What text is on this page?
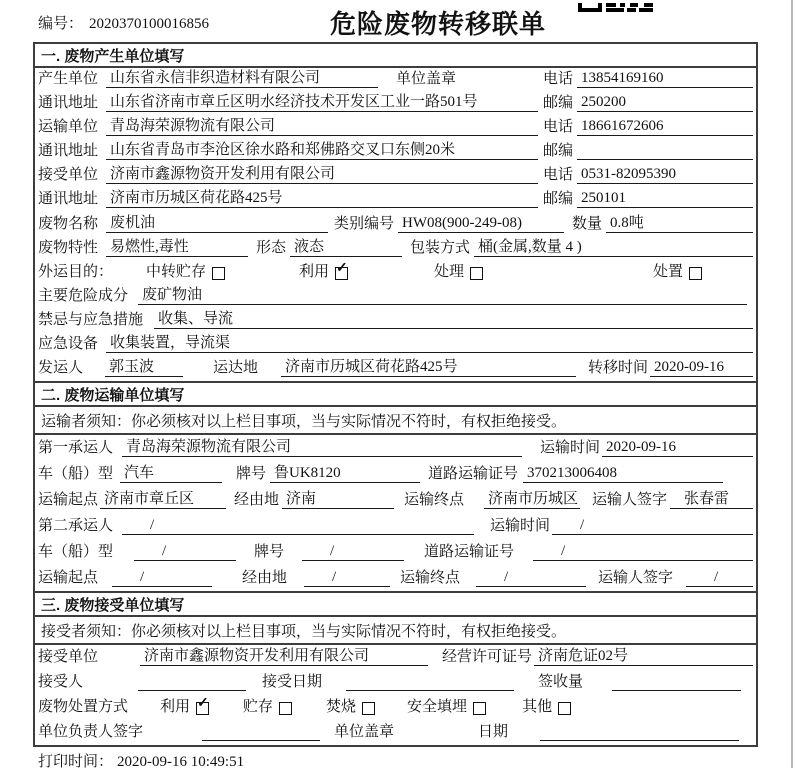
编号： 2020370100016856	危险废物转移联单
一. 废物产生单位填写
产生单位 山东省永信非织造材料有限公司	单位盖章	电话 13854169160
通讯地址 山东省济南市章丘区明水经济技术开发区工业一路501号	邮编 250200
运输单位 青岛海荣源物流有限公司	电话 18661672606
通讯地址 山东省青岛市李沧区徐水路和郑佛路交叉口东侧20米	邮编
接受单位 济南市鑫源物资开发利用有限公司	电话 0531-82095390
通讯地址 济南市历城区荷花路425号	邮编 250101
废物名称 废机油	类别编号 HW08(900-249-08)	数量 0.8吨
废物特性 易燃性,毒性	形态 液态	包装方式 桶(金属,数量 4 )
外运目的：	中转贮存	利用 ✓	处理	处置
主要危险成分 废矿物油
禁忌与应急措施 收集、导流
应急设备 收集装置，导流渠
发运人	郭玉波	运达地 济南市历城区荷花路425号	转移时间 2020-09-16
二. 废物运输单位填写
运输者须知： 你必须核对以上栏目事项，当与实际情况不符时，有权拒绝接受。
第一承运人 青岛海荣源物流有限公司	运输时间 2020-09-16
车（船）型 汽车	牌号 鲁UK8120	道路运输证号 370213006408
运输起点 济南市章丘区	经由地 济南	运输终点 济南市历城区 运输人签字	张春雷
第二承运人	/	运输时间	/
车（船）型	/	牌号	/	道路运输证号	/
运输起点	/	经由地	/	运输终点	/	运输人签字	/
三. 废物接受单位填写
接受者须知： 你必须核对以上栏目事项，当与实际情况不符时，有权拒绝接受。
接受单位	济南市鑫源物资开发利用有限公司	经营许可证号 济南危证02号
接受人	接受日期	签收量
废物处置方式 利用 ✓ 贮存	焚烧	安全填埋	其他
单位负责人签字	单位盖章	日期
打印时间： 2020-09-16 10:49:51
